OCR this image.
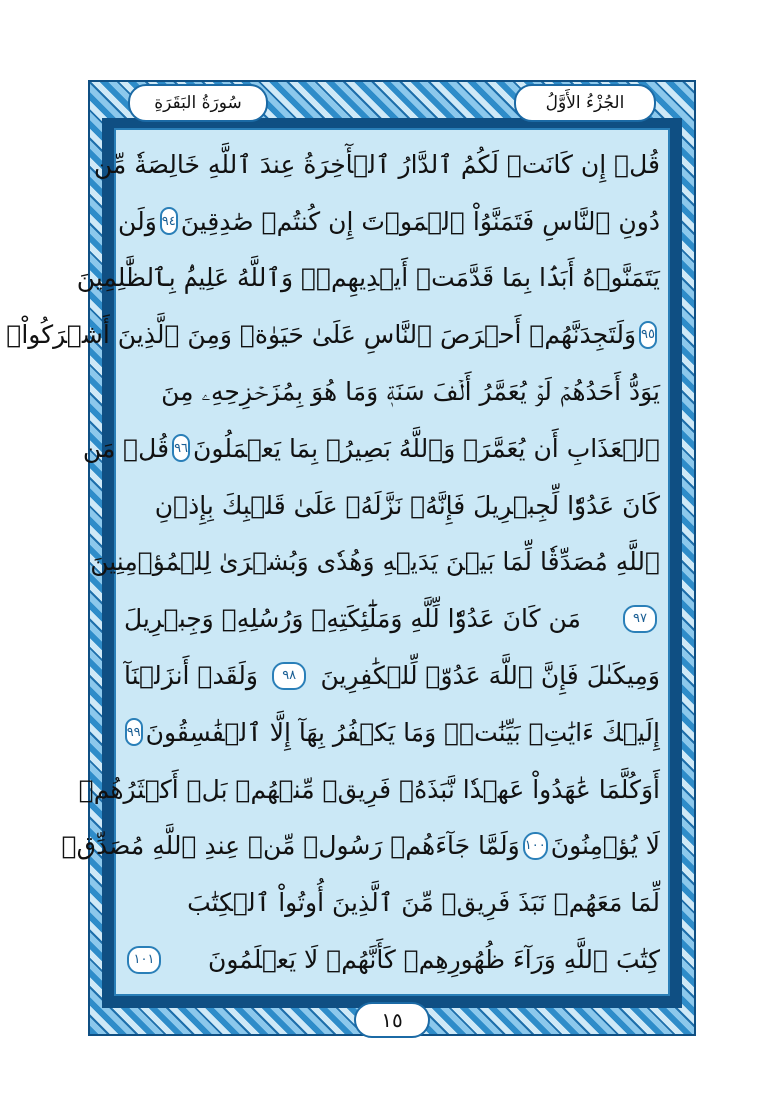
الجُزْءُ الأَوَّلُ
سُورَةُ البَقَرَةِ
قُلۡ إِن كَانَتۡ لَكُمُ ٱلدَّارُ ٱلۡأٓخِرَةُ عِندَ ٱللَّهِ خَالِصَةٗ مِّن
دُونِ ٱلنَّاسِ فَتَمَنَّوُاْ ٱلۡمَوۡتَ إِن كُنتُمۡ صَٰدِقِينَ
٩٤
وَلَن
يَتَمَنَّوۡهُ أَبَدَۢا بِمَا قَدَّمَتۡ أَيۡدِيهِمۡۚ وَٱللَّهُ عَلِيمُۢ بِٱلظَّٰلِمِينَ
٩٥
وَلَتَجِدَنَّهُمۡ أَحۡرَصَ ٱلنَّاسِ عَلَىٰ حَيَوٰةٖ وَمِنَ ٱلَّذِينَ أَشۡرَكُواْۚ
يَوَدُّ أَحَدُهُمۡ لَوۡ يُعَمَّرُ أَلۡفَ سَنَةٖ وَمَا هُوَ بِمُزَحۡزِحِهِۦ مِنَ
ٱلۡعَذَابِ أَن يُعَمَّرَۗ وَٱللَّهُ بَصِيرُۢ بِمَا يَعۡمَلُونَ
٩٦
قُلۡ مَن
كَانَ عَدُوّٗا لِّجِبۡرِيلَ فَإِنَّهُۥ نَزَّلَهُۥ عَلَىٰ قَلۡبِكَ بِإِذۡنِ
ٱللَّهِ مُصَدِّقٗا لِّمَا بَيۡنَ يَدَيۡهِ وَهُدٗى وَبُشۡرَىٰ لِلۡمُؤۡمِنِينَ
٩٧
مَن كَانَ عَدُوّٗا لِّلَّهِ وَمَلَٰٓئِكَتِهِۦ وَرُسُلِهِۦ وَجِبۡرِيلَ
وَمِيكَىٰلَ فَإِنَّ ٱللَّهَ عَدُوّٞ لِّلۡكَٰفِرِينَ
٩٨
وَلَقَدۡ أَنزَلۡنَآ
إِلَيۡكَ ءَايَٰتِۭ بَيِّنَٰتٖۖ وَمَا يَكۡفُرُ بِهَآ إِلَّا ٱلۡفَٰسِقُونَ
٩٩
أَوَكُلَّمَا عَٰهَدُواْ عَهۡدٗا نَّبَذَهُۥ فَرِيقٞ مِّنۡهُمۚ بَلۡ أَكۡثَرُهُمۡ
لَا يُؤۡمِنُونَ
١٠٠
وَلَمَّا جَآءَهُمۡ رَسُولٞ مِّنۡ عِندِ ٱللَّهِ مُصَدِّقٞ
لِّمَا مَعَهُمۡ نَبَذَ فَرِيقٞ مِّنَ ٱلَّذِينَ أُوتُواْ ٱلۡكِتَٰبَ
كِتَٰبَ ٱللَّهِ وَرَآءَ ظُهُورِهِمۡ كَأَنَّهُمۡ لَا يَعۡلَمُونَ
١٠١
١٥
